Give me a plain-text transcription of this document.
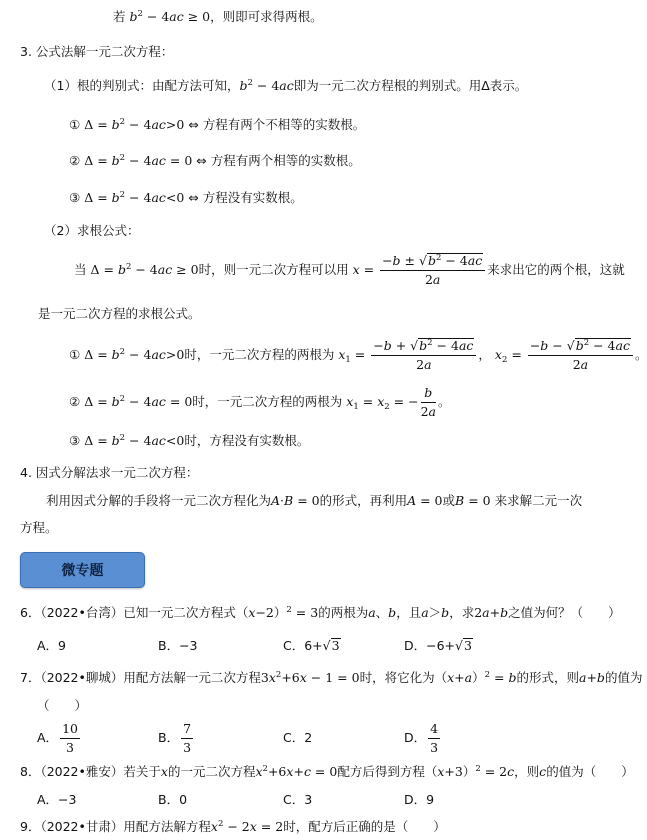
若 $b^2 - 4ac \ge 0$，则即可求得两根。
3. 公式法解一元二次方程：
（1）根的判别式：由配方法可知，$b^2 - 4ac$即为一元二次方程根的判别式。用Δ表示。
① $\Delta = b^2 - 4ac>0$ ⇔ 方程有两个不相等的实数根。
② $\Delta = b^2 - 4ac = 0$ ⇔ 方程有两个相等的实数根。
③ $\Delta = b^2 - 4ac<0$ ⇔ 方程没有实数根。
（2）求根公式：
当 $\Delta = b^2 - 4ac \ge 0$时，则一元二次方程可以用 $x = \frac{-b \pm √b^2 - 4ac}{2a}$ 来求出它的两个根，这就
是一元二次方程的求根公式。
① $\Delta = b^2 - 4ac>0$时，一元二次方程的两根为 $x_1 = \frac{-b + √b^2 - 4ac}{2a}$ ， $x_2 = \frac{-b - √b^2 - 4ac}{2a}$ 。
② $\Delta = b^2 - 4ac = 0$时，一元二次方程的两根为 $x_1 = x_2$ = − $\frac{b}{2a}$ 。
③ $\Delta = b^2 - 4ac<0$时，方程没有实数根。
4. 因式分解法求一元二次方程：
利用因式分解的手段将一元二次方程化为A·B = 0的形式，再利用A = 0或B = 0 来求解二元一次
方程。
微专题
6．（2022•台湾）已知一元二次方程式$(x-2)^2 = 3$的两根为a、b，且a＞b，求2a+b之值为何？（　　）
A．9	B．−3	C．6+√3	D．−6+√3
7．（2022•聊城）用配方法解一元二次方程$3x^2+6x - 1 = 0$时，将它化为$(x+a)^2 = b$的形式，则a+b的值为
（　　）
A． $\frac{10}{3}$	B． $\frac{7}{3}$	C．2	D． $\frac{4}{3}$
8．（2022•雅安）若关于x的一元二次方程$x^2+6x+c = 0$配方后得到方程$(x+3)^2 = 2c$，则c的值为（　　）
A．−3	B．0	C．3	D．9
9．（2022•甘肃）用配方法解方程$x^2 - 2x = 2$时，配方后正确的是（　　）
